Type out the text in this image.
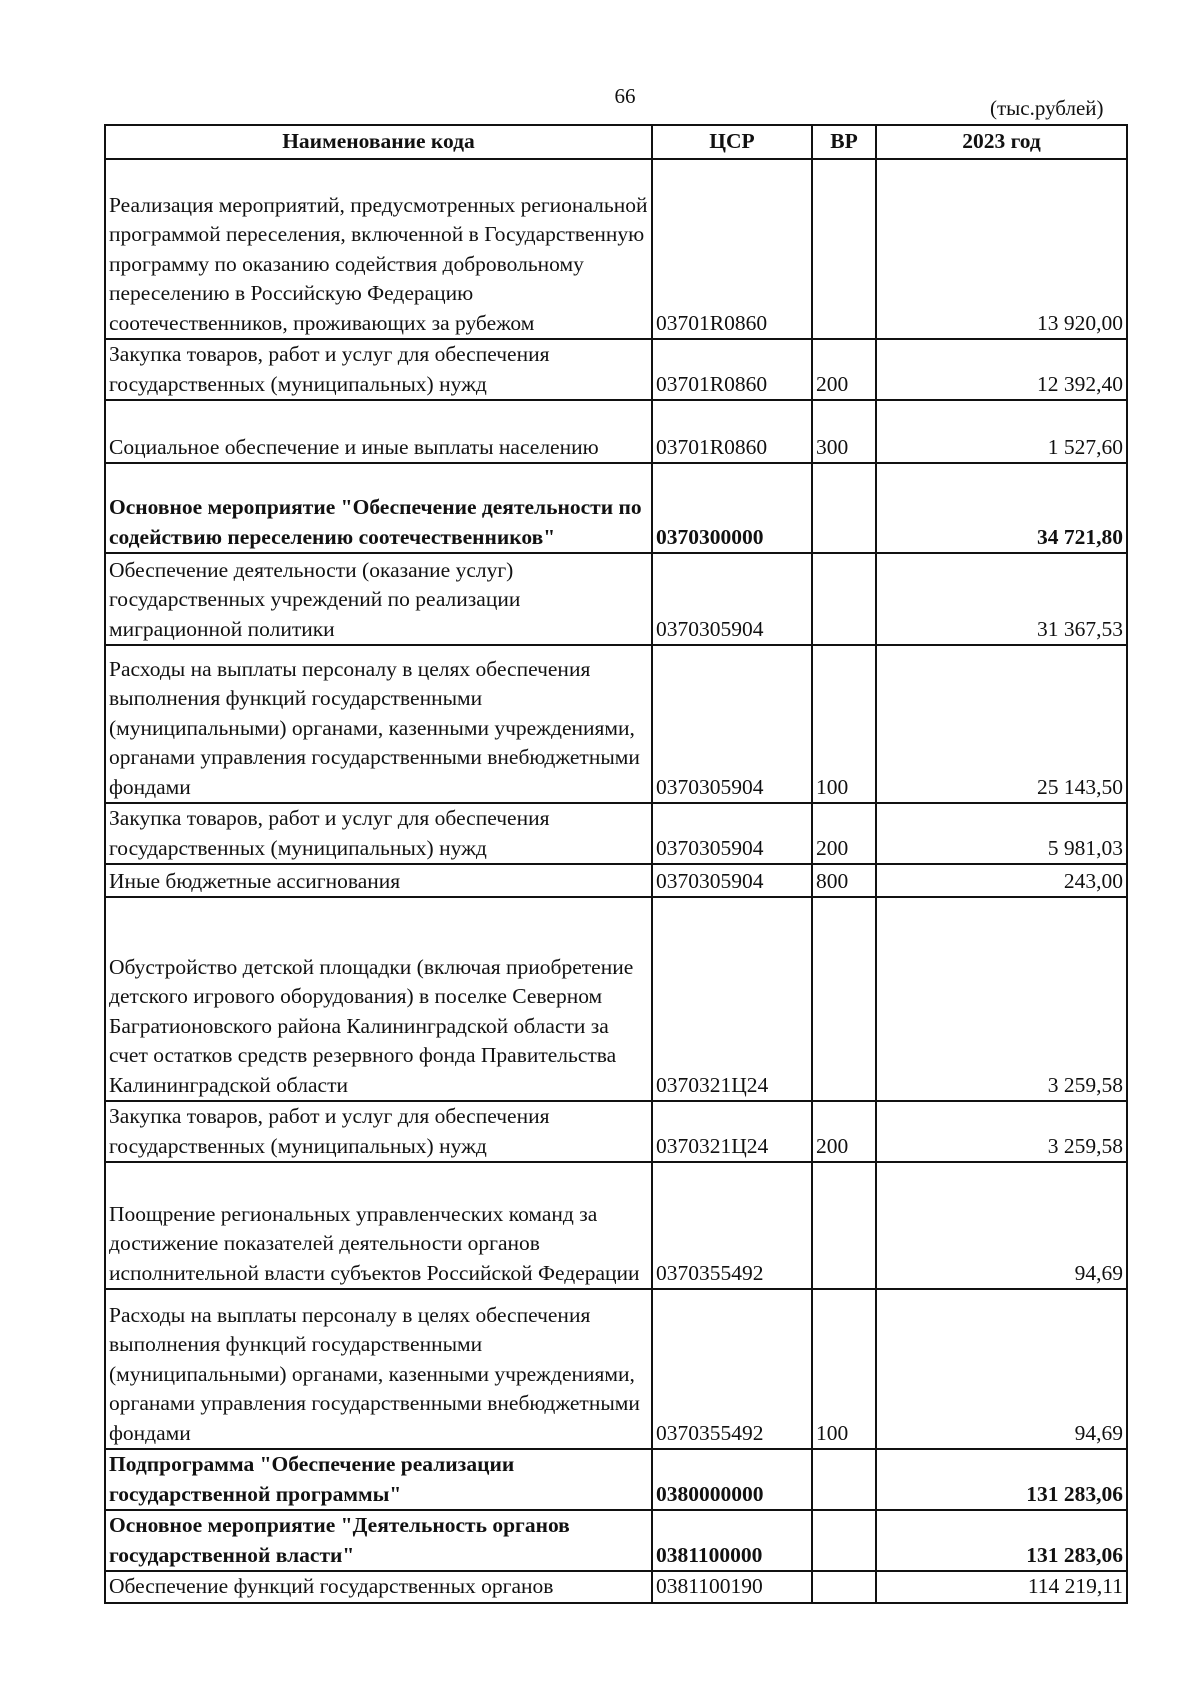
66	(тыс.рублей)
Наименование кода	ЦСР	ВР	2023 год
Реализация мероприятий, предусмотренных региональной программой переселения, включенной в Государственную программу по оказанию содействия добровольному переселению в Российскую Федерацию соотечественников, проживающих за рубежом	03701R0860		13 920,00
Закупка товаров, работ и услуг для обеспечения государственных (муниципальных) нужд	03701R0860	200	12 392,40
Социальное обеспечение и иные выплаты населению	03701R0860	300	1 527,60
Основное мероприятие "Обеспечение деятельности по содействию переселению соотечественников"	0370300000		34 721,80
Обеспечение деятельности (оказание услуг) государственных учреждений по реализации миграционной политики	0370305904		31 367,53
Расходы на выплаты персоналу в целях обеспечения выполнения функций государственными (муниципальными) органами, казенными учреждениями, органами управления государственными внебюджетными фондами	0370305904	100	25 143,50
Закупка товаров, работ и услуг для обеспечения государственных (муниципальных) нужд	0370305904	200	5 981,03
Иные бюджетные ассигнования	0370305904	800	243,00
Обустройство детской площадки (включая приобретение детского игрового оборудования) в поселке Северном Багратионовского района Калининградской области за счет остатков средств резервного фонда Правительства Калининградской области	0370321Ц24		3 259,58
Закупка товаров, работ и услуг для обеспечения государственных (муниципальных) нужд	0370321Ц24	200	3 259,58
Поощрение региональных управленческих команд за достижение показателей деятельности органов исполнительной власти субъектов Российской Федерации	0370355492		94,69
Расходы на выплаты персоналу в целях обеспечения выполнения функций государственными (муниципальными) органами, казенными учреждениями, органами управления государственными внебюджетными фондами	0370355492	100	94,69
Подпрограмма "Обеспечение реализации государственной программы"	0380000000		131 283,06
Основное мероприятие "Деятельность органов государственной власти"	0381100000		131 283,06
Обеспечение функций государственных органов	0381100190		114 219,11
